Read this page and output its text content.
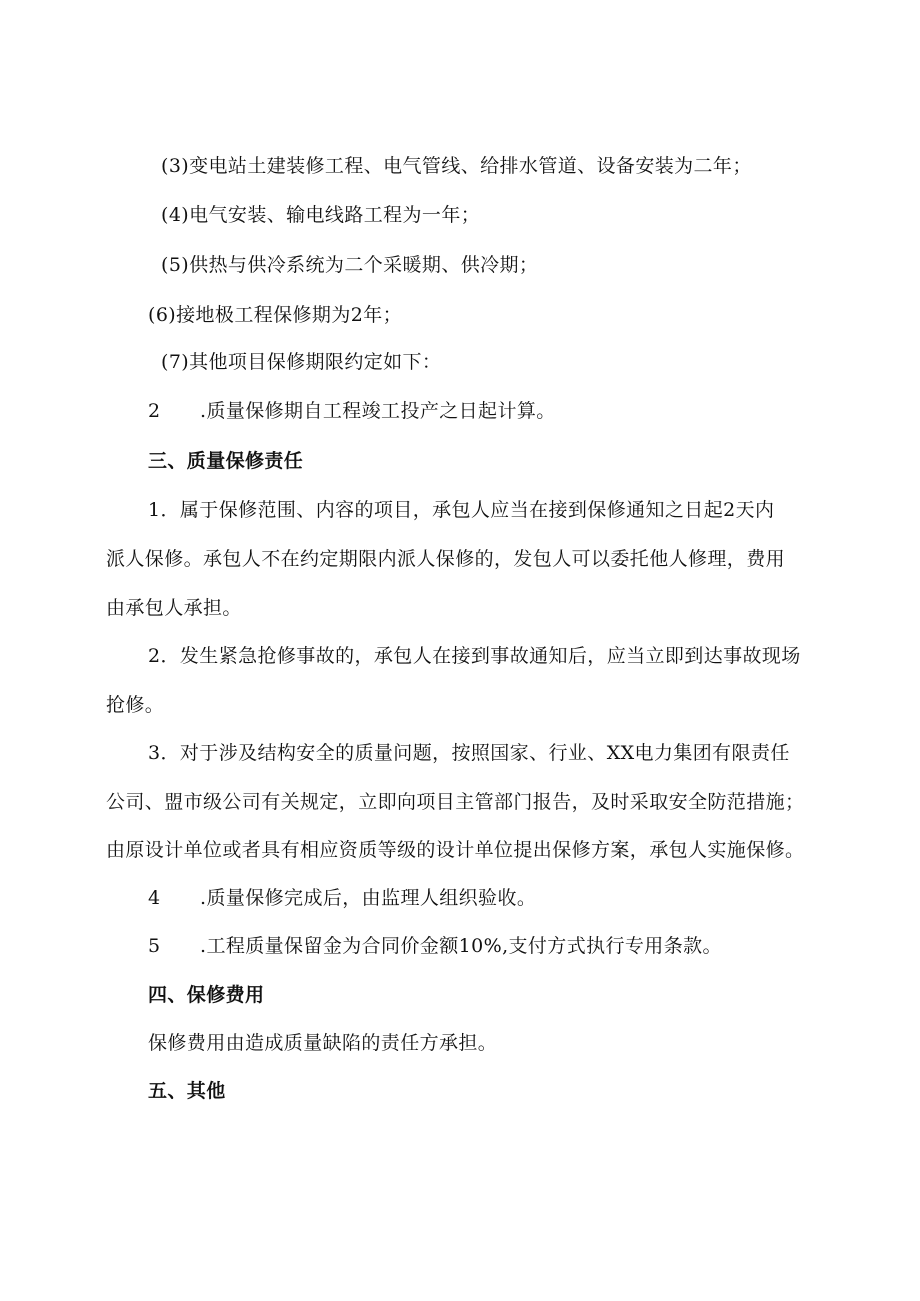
(3)变电站土建装修工程、电气管线、给排水管道、设备安装为二年；
(4)电气安装、输电线路工程为一年；
(5)供热与供冷系统为二个采暖期、供冷期；
(6)接地极工程保修期为2年；
(7)其他项目保修期限约定如下：
2 .质量保修期自工程竣工投产之日起计算。
三、质量保修责任
1．属于保修范围、内容的项目，承包人应当在接到保修通知之日起2天内
派人保修。承包人不在约定期限内派人保修的，发包人可以委托他人修理，费用
由承包人承担。
2．发生紧急抢修事故的，承包人在接到事故通知后，应当立即到达事故现场
抢修。
3．对于涉及结构安全的质量问题，按照国家、行业、XX电力集团有限责任
公司、盟市级公司有关规定，立即向项目主管部门报告，及时采取安全防范措施；
由原设计单位或者具有相应资质等级的设计单位提出保修方案，承包人实施保修。
4 .质量保修完成后，由监理人组织验收。
5 .工程质量保留金为合同价金额10%,支付方式执行专用条款。
四、保修费用
保修费用由造成质量缺陷的责任方承担。
五、其他
